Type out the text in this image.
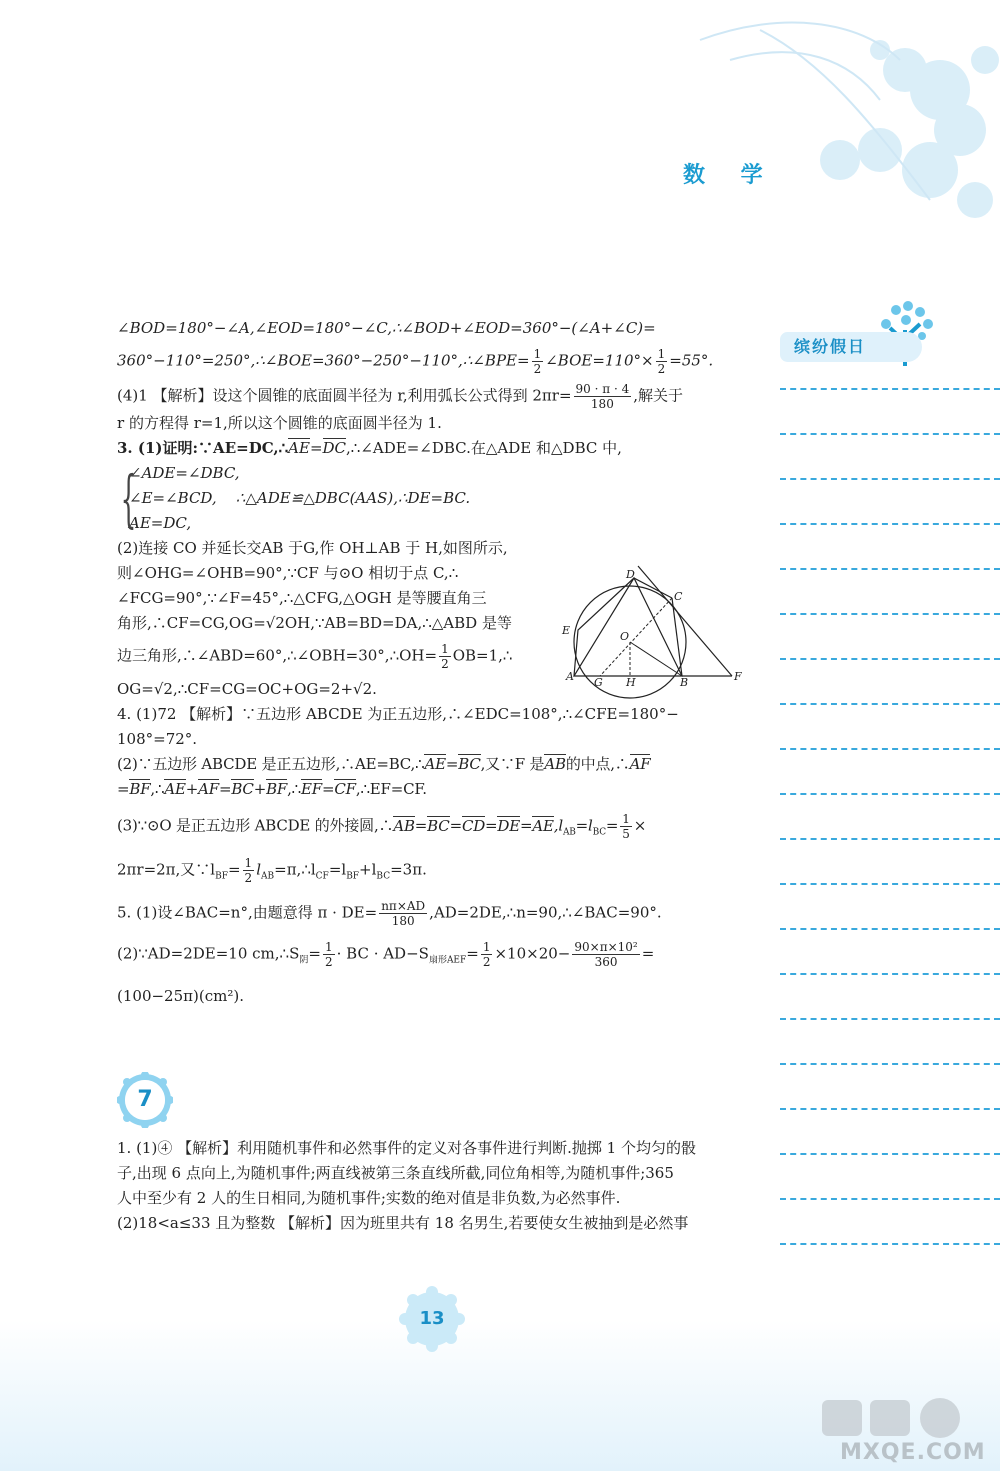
数 学
缤纷假日

∠BOD=180°−∠A,∠EOD=180°−∠C,∴∠BOD+∠EOD=360°−(∠A+∠C)=

360°−110°=250°,∴∠BOE=360°−250°−110°,∴∠BPE= $\frac{1}{2}$ ∠BOE=110°× $\frac{1}{2} =55^\circ$.

(4)1 【解析】设这个圆锥的底面圆半径为 r,利用弧长公式得到 $2\pi r= \frac{90 \cdot \pi \cdot 4}{180}$ ,解关于

r 的方程得 r=1,所以这个圆锥的底面圆半径为 1.

3. (1)证明:∵AE=DC,∴AE=DC,∴∠ADE=∠DBC.在△ADE 和△DBC 中,

{
∠ADE=∠DBC,
∠E=∠BCD, ∴△ADE≌△DBC(AAS),∴DE=BC.
AE=DC,

(2)连接 CO 并延长交AB 于G,作 OH⊥AB 于 H,如图所示,

则∠OHG=∠OHB=90°,∵CF 与⊙O 相切于点 C,∴

∠FCG=90°,∵∠F=45°,∴△CFG,△OGH 是等腰直角三

角形,∴CF=CG,OG=√2OH,∵AB=BD=DA,∴△ABD 是等

边三角形,∴∠ABD=60°,∴∠OBH=30°,∴OH= $\frac{1}{2}$ OB=1,∴

OG=√2,∴CF=CG=OC+OG=2+√2.

4. (1)72 【解析】∵五边形 ABCDE 为正五边形,∴∠EDC=108°,∴∠CFE=180°−

108°=72°.

(2)∵五边形 ABCDE 是正五边形,∴AE=BC,∴AE=BC,又∵F 是AB的中点,∴AF

=BF,∴AE+AF=BC+BF,∴EF=CF,∴EF=CF.

(3)∵⊙O 是正五边形 ABCDE 的外接圆$,\therefore AB=BC=CD=DE=AE,l_{AB}=l_{BC}= \frac{1}{5}$ ×

2πr=2π,又$\because l_{BF}= \frac{1}{2}$ $l_{AB}=\pi,\therefore l_{CF}=l_{BF}+l_{BC}=3\pi$.

5. (1)设∠BAC=n°,由题意得 $\pi \cdot DE= \frac{n\pi\times AD}{180}$ ,AD=2DE,∴n=90,∴∠BAC=90°.

(2)∵AD=2DE=10 $cm,\therefore S_阴= \frac{1}{2}$ · BC · $AD-S_{扇形AEF}= \frac{1}{2} \times 10\times 20- \frac{\text{90×π×10²}}{360}$ =

(100−25π)(cm²).

7

1. (1)④ 【解析】利用随机事件和必然事件的定义对各事件进行判断.抛掷 1 个均匀的骰

子,出现 6 点向上,为随机事件;两直线被第三条直线所截,同位角相等,为随机事件;365

人中至少有 2 人的生日相同,为随机事件;实数的绝对值是非负数,为必然事件.

(2)18<a≤33 且为整数 【解析】因为班里共有 18 名男生,若要使女生被抽到是必然事

D
C
E	O
A G H	B	F
13
MXQE.COM
